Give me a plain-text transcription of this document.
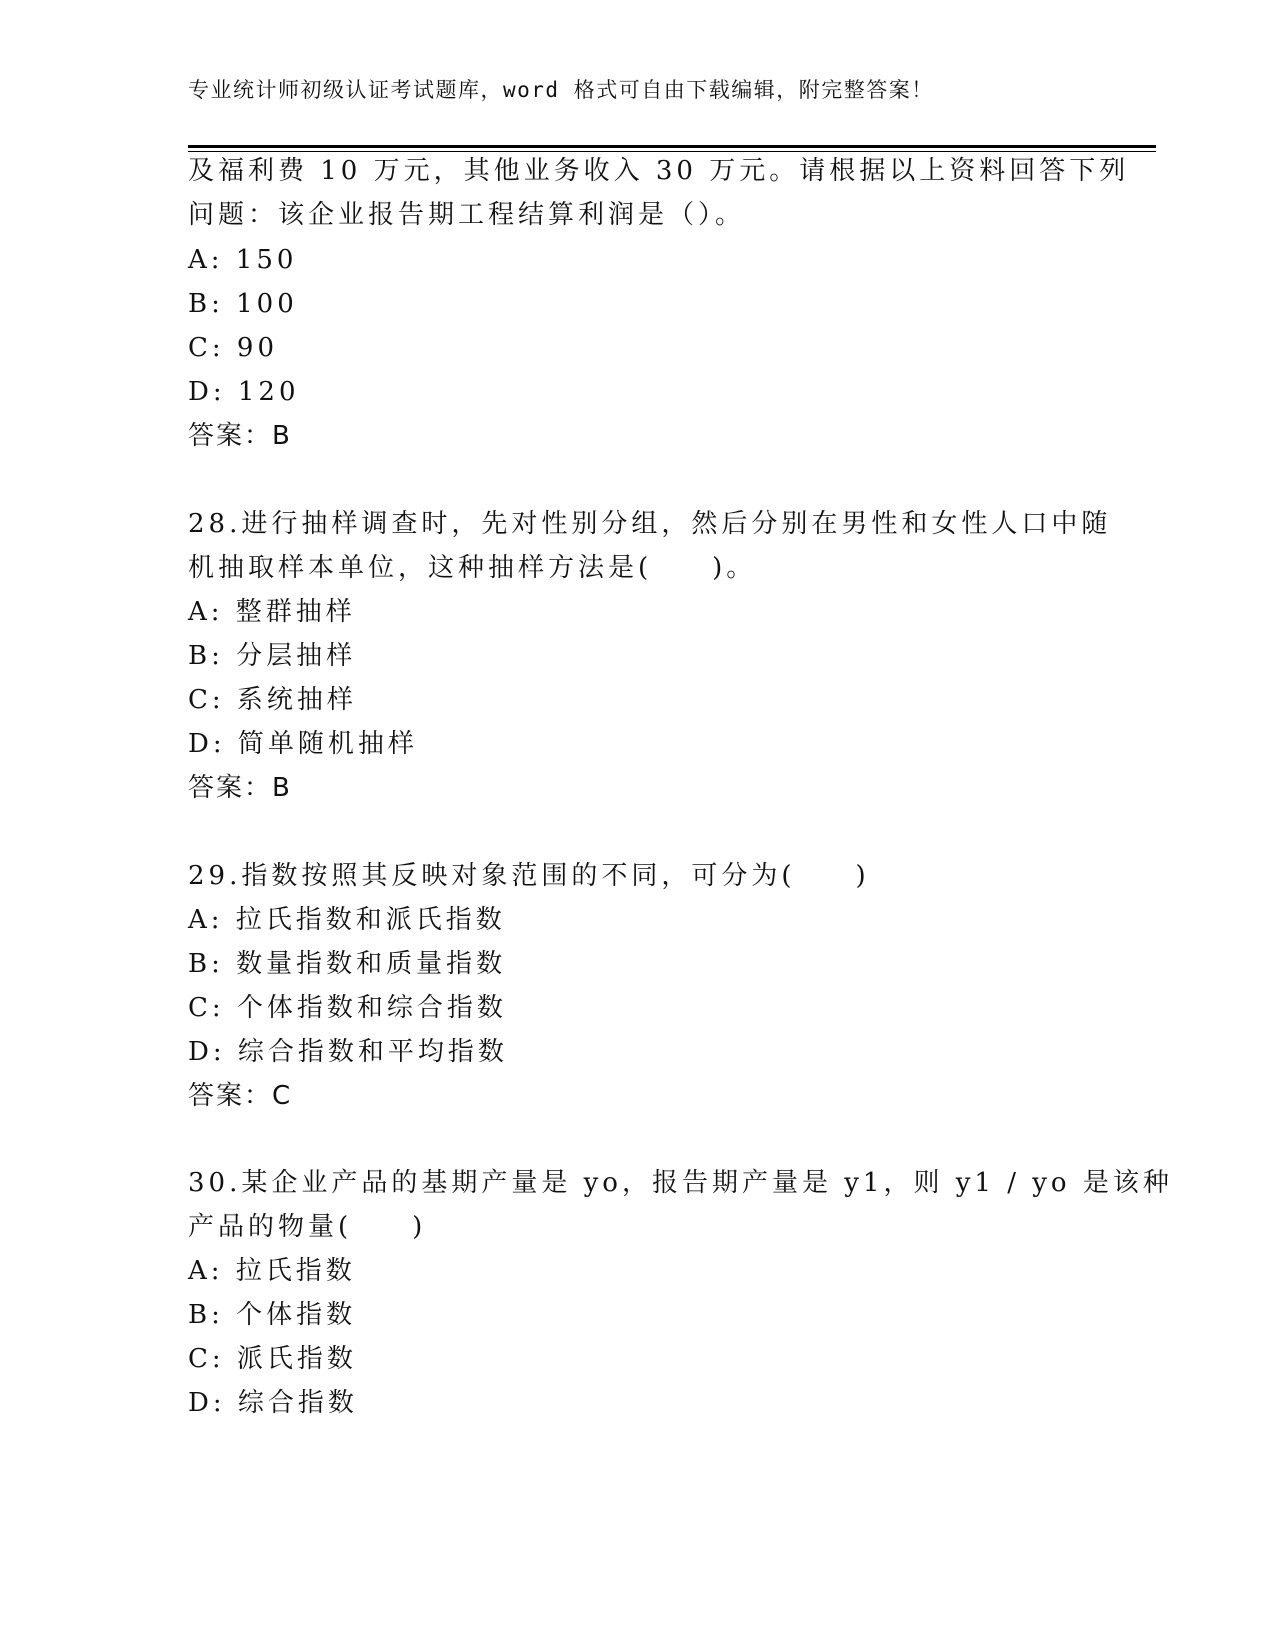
专业统计师初级认证考试题库，word 格式可自由下载编辑，附完整答案！
及福利费 10 万元，其他业务收入 30 万元。请根据以上资料回答下列
问题：该企业报告期工程结算利润是（）。
A: 150
B: 100
C: 90
D: 120
答案：B
28.进行抽样调查时，先对性别分组，然后分别在男性和女性人口中随
机抽取样本单位，这种抽样方法是(　　)。
A: 整群抽样
B: 分层抽样
C: 系统抽样
D: 简单随机抽样
答案：B
29.指数按照其反映对象范围的不同，可分为(　　)
A: 拉氏指数和派氏指数
B: 数量指数和质量指数
C: 个体指数和综合指数
D: 综合指数和平均指数
答案：C
30.某企业产品的基期产量是 yo，报告期产量是 y1，则 y1 / yo 是该种
产品的物量(　　)
A: 拉氏指数
B: 个体指数
C: 派氏指数
D: 综合指数
